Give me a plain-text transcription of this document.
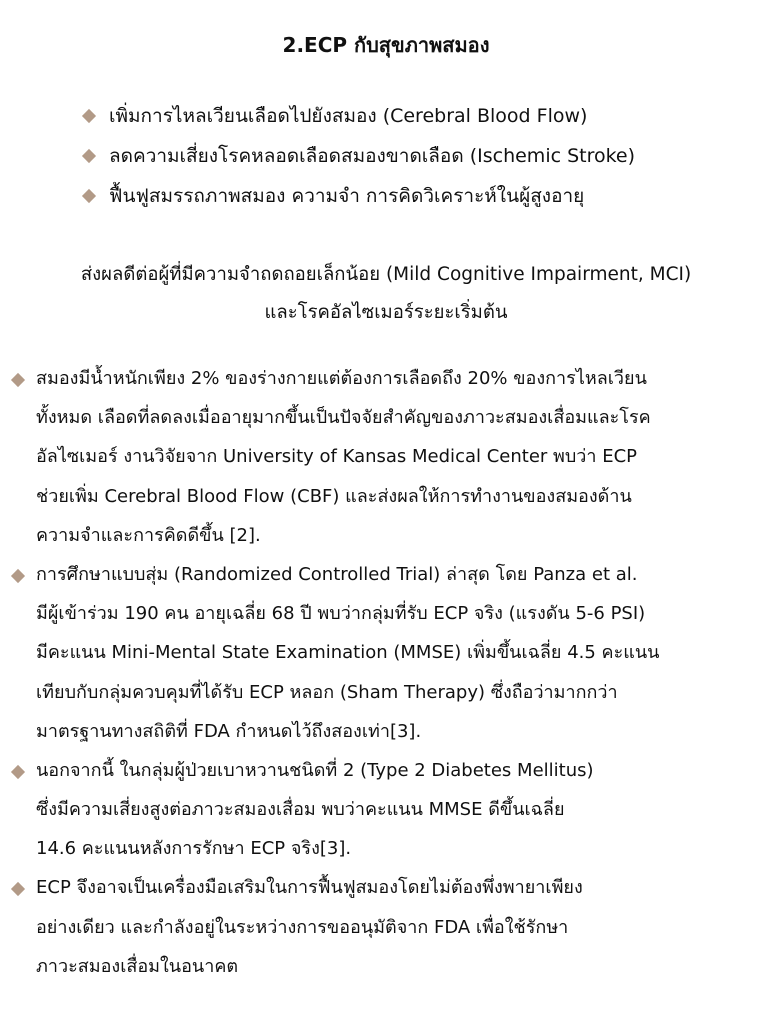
2.ECP กับสุขภาพสมอง
เพิ่มการไหลเวียนเลือดไปยังสมอง (Cerebral Blood Flow)
ลดความเสี่ยงโรคหลอดเลือดสมองขาดเลือด (Ischemic Stroke)
ฟื้นฟูสมรรถภาพสมอง ความจำ การคิดวิเคราะห์ในผู้สูงอายุ
ส่งผลดีต่อผู้ที่มีความจำถดถอยเล็กน้อย (Mild Cognitive Impairment, MCI)
และโรคอัลไซเมอร์ระยะเริ่มต้น
สมองมีน้ำหนักเพียง 2% ของร่างกายแต่ต้องการเลือดถึง 20% ของการไหลเวียน
ทั้งหมด เลือดที่ลดลงเมื่ออายุมากขึ้นเป็นปัจจัยสำคัญของภาวะสมองเสื่อมและโรค
อัลไซเมอร์ งานวิจัยจาก University of Kansas Medical Center พบว่า ECP
ช่วยเพิ่ม Cerebral Blood Flow (CBF) และส่งผลให้การทำงานของสมองด้าน
ความจำและการคิดดีขึ้น [2].
การศึกษาแบบสุ่ม (Randomized Controlled Trial) ล่าสุด โดย Panza et al.
มีผู้เข้าร่วม 190 คน อายุเฉลี่ย 68 ปี พบว่ากลุ่มที่รับ ECP จริง (แรงดัน 5-6 PSI)
มีคะแนน Mini-Mental State Examination (MMSE) เพิ่มขึ้นเฉลี่ย 4.5 คะแนน
เทียบกับกลุ่มควบคุมที่ได้รับ ECP หลอก (Sham Therapy) ซึ่งถือว่ามากกว่า
มาตรฐานทางสถิติที่ FDA กำหนดไว้ถึงสองเท่า[3].
นอกจากนี้ ในกลุ่มผู้ป่วยเบาหวานชนิดที่ 2 (Type 2 Diabetes Mellitus)
ซึ่งมีความเสี่ยงสูงต่อภาวะสมองเสื่อม พบว่าคะแนน MMSE ดีขึ้นเฉลี่ย
14.6 คะแนนหลังการรักษา ECP จริง[3].
ECP จึงอาจเป็นเครื่องมือเสริมในการฟื้นฟูสมองโดยไม่ต้องพึ่งพายาเพียง
อย่างเดียว และกำลังอยู่ในระหว่างการขออนุมัติจาก FDA เพื่อใช้รักษา
ภาวะสมองเสื่อมในอนาคต
